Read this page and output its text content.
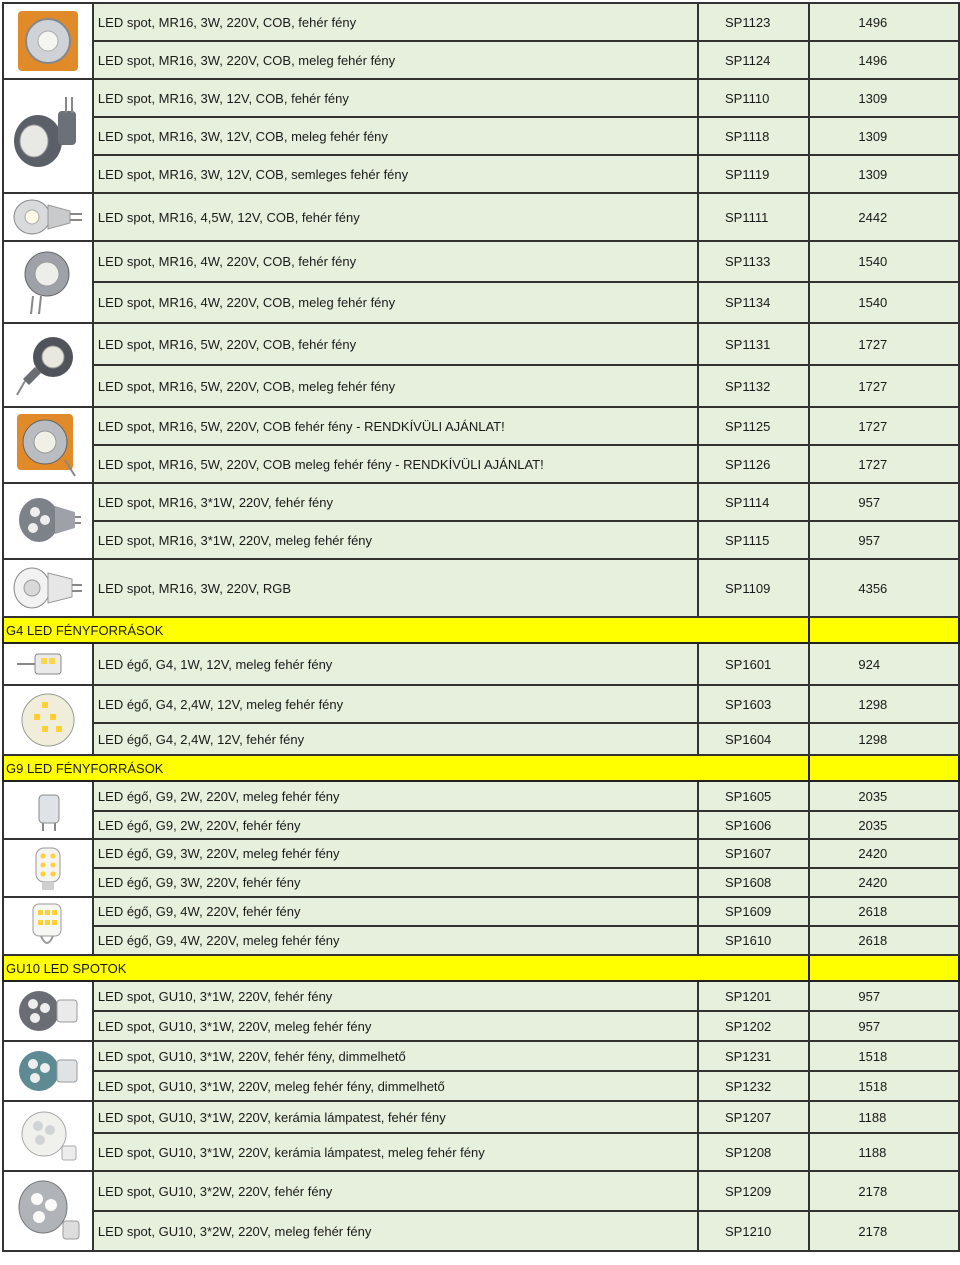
	LED spot, MR16, 3W, 220V, COB, fehér fény	SP1123	1496
	LED spot, MR16, 3W, 220V, COB, meleg fehér fény	SP1124	1496

	LED spot, MR16, 3W, 12V, COB, fehér fény	SP1110	1309
	LED spot, MR16, 3W, 12V, COB, meleg fehér fény	SP1118	1309
	LED spot, MR16, 3W, 12V, COB, semleges fehér fény	SP1119	1309

	LED spot, MR16, 4,5W, 12V, COB, fehér fény	SP1111	2442

	LED spot, MR16, 4W, 220V, COB, fehér fény	SP1133	1540
	LED spot, MR16, 4W, 220V, COB, meleg fehér fény	SP1134	1540

	LED spot, MR16, 5W, 220V, COB, fehér fény	SP1131	1727
	LED spot, MR16, 5W, 220V, COB, meleg fehér fény	SP1132	1727

	LED spot, MR16, 5W, 220V, COB fehér fény - RENDKÍVÜLI AJÁNLAT!	SP1125	1727
	LED spot, MR16, 5W, 220V, COB meleg fehér fény - RENDKÍVÜLI AJÁNLAT!	SP1126	1727

	LED spot, MR16, 3*1W, 220V, fehér fény	SP1114	957
	LED spot, MR16, 3*1W, 220V, meleg fehér fény	SP1115	957

	LED spot, MR16, 3W, 220V, RGB	SP1109	4356
G4 LED FÉNYFORRÁSOK			

	LED égő, G4, 1W, 12V, meleg fehér fény	SP1601	924

	LED égő, G4, 2,4W, 12V, meleg fehér fény	SP1603	1298
	LED égő, G4, 2,4W, 12V, fehér fény	SP1604	1298
G9 LED FÉNYFORRÁSOK			

	LED égő, G9, 2W, 220V, meleg fehér fény	SP1605	2035
	LED égő, G9, 2W, 220V, fehér fény	SP1606	2035

	LED égő, G9, 3W, 220V, meleg fehér fény	SP1607	2420
	LED égő, G9, 3W, 220V, fehér fény	SP1608	2420

	LED égő, G9, 4W, 220V, fehér fény	SP1609	2618
	LED égő, G9, 4W, 220V, meleg fehér fény	SP1610	2618
GU10 LED SPOTOK			

	LED spot, GU10, 3*1W, 220V, fehér fény	SP1201	957
	LED spot, GU10, 3*1W, 220V, meleg fehér fény	SP1202	957

	LED spot, GU10, 3*1W, 220V, fehér fény, dimmelhető	SP1231	1518
	LED spot, GU10, 3*1W, 220V, meleg fehér fény, dimmelhető	SP1232	1518

	LED spot, GU10, 3*1W, 220V, kerámia lámpatest, fehér fény	SP1207	1188
	LED spot, GU10, 3*1W, 220V, kerámia lámpatest, meleg fehér fény	SP1208	1188

	LED spot, GU10, 3*2W, 220V, fehér fény	SP1209	2178
	LED spot, GU10, 3*2W, 220V, meleg fehér fény	SP1210	2178
